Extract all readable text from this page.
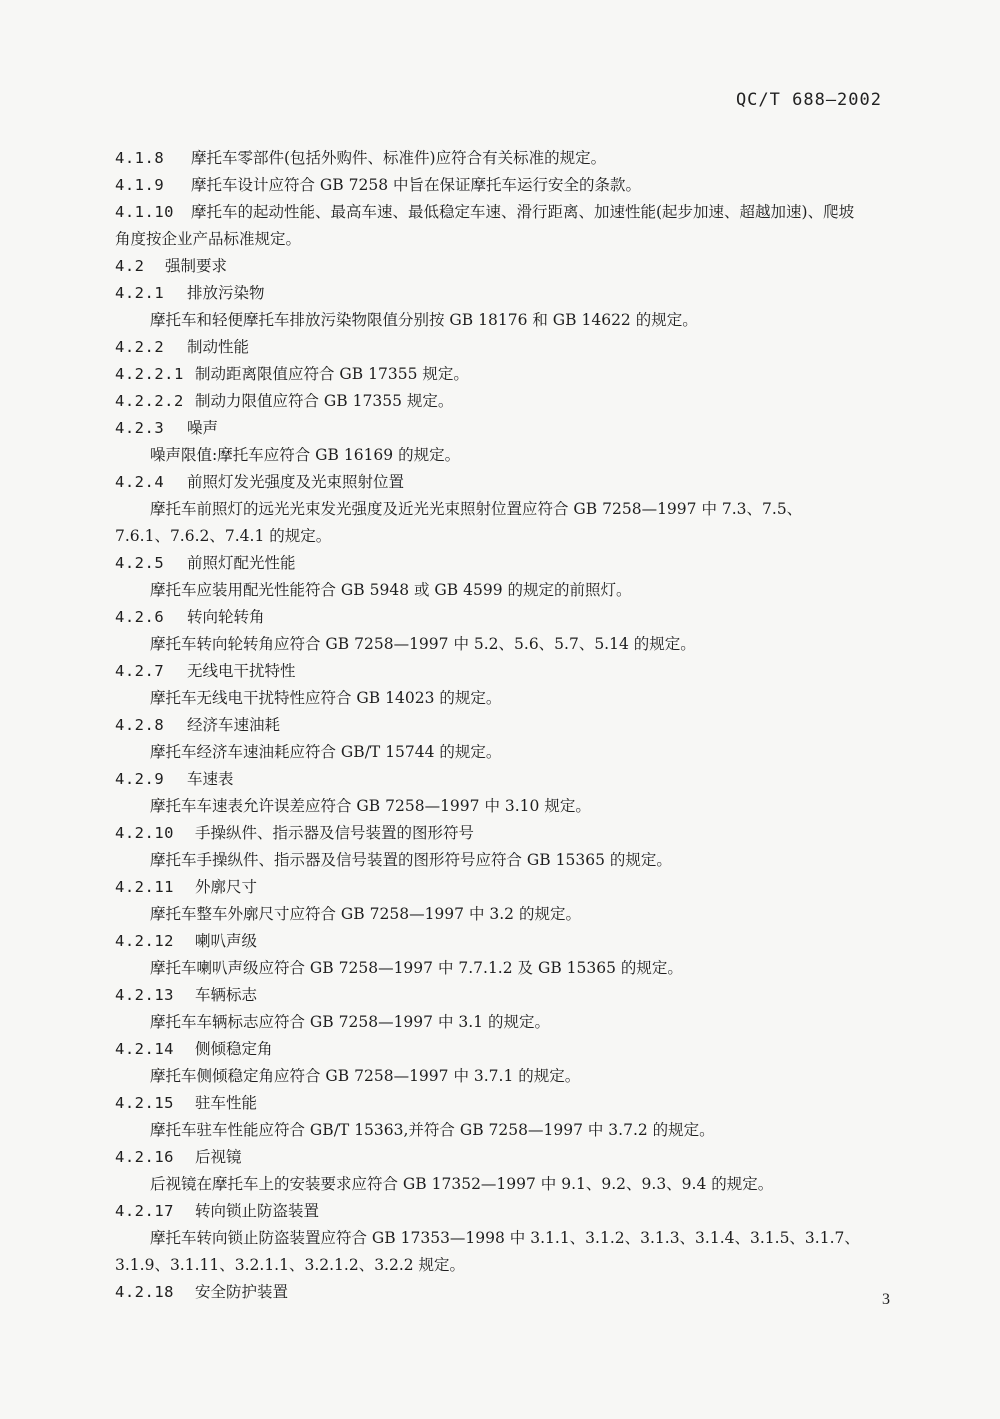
QC/T 688—2002
4.1.8 摩托车零部件(包括外购件、标准件)应符合有关标准的规定。
4.1.9 摩托车设计应符合 GB 7258 中旨在保证摩托车运行安全的条款。
4.1.10 摩托车的起动性能、最高车速、最低稳定车速、滑行距离、加速性能(起步加速、超越加速)、爬坡
角度按企业产品标准规定。
4.2 强制要求
4.2.1 排放污染物
摩托车和轻便摩托车排放污染物限值分别按 GB 18176 和 GB 14622 的规定。
4.2.2 制动性能
4.2.2.1 制动距离限值应符合 GB 17355 规定。
4.2.2.2 制动力限值应符合 GB 17355 规定。
4.2.3 噪声
噪声限值:摩托车应符合 GB 16169 的规定。
4.2.4 前照灯发光强度及光束照射位置
摩托车前照灯的远光光束发光强度及近光光束照射位置应符合 GB 7258—1997 中 7.3、7.5、
7.6.1、7.6.2、7.4.1 的规定。
4.2.5 前照灯配光性能
摩托车应装用配光性能符合 GB 5948 或 GB 4599 的规定的前照灯。
4.2.6 转向轮转角
摩托车转向轮转角应符合 GB 7258—1997 中 5.2、5.6、5.7、5.14 的规定。
4.2.7 无线电干扰特性
摩托车无线电干扰特性应符合 GB 14023 的规定。
4.2.8 经济车速油耗
摩托车经济车速油耗应符合 GB/T 15744 的规定。
4.2.9 车速表
摩托车车速表允许误差应符合 GB 7258—1997 中 3.10 规定。
4.2.10 手操纵件、指示器及信号装置的图形符号
摩托车手操纵件、指示器及信号装置的图形符号应符合 GB 15365 的规定。
4.2.11 外廓尺寸
摩托车整车外廓尺寸应符合 GB 7258—1997 中 3.2 的规定。
4.2.12 喇叭声级
摩托车喇叭声级应符合 GB 7258—1997 中 7.7.1.2 及 GB 15365 的规定。
4.2.13 车辆标志
摩托车车辆标志应符合 GB 7258—1997 中 3.1 的规定。
4.2.14 侧倾稳定角
摩托车侧倾稳定角应符合 GB 7258—1997 中 3.7.1 的规定。
4.2.15 驻车性能
摩托车驻车性能应符合 GB/T 15363,并符合 GB 7258—1997 中 3.7.2 的规定。
4.2.16 后视镜
后视镜在摩托车上的安装要求应符合 GB 17352—1997 中 9.1、9.2、9.3、9.4 的规定。
4.2.17 转向锁止防盗装置
摩托车转向锁止防盗装置应符合 GB 17353—1998 中 3.1.1、3.1.2、3.1.3、3.1.4、3.1.5、3.1.7、
3.1.9、3.1.11、3.2.1.1、3.2.1.2、3.2.2 规定。
4.2.18 安全防护装置	3
